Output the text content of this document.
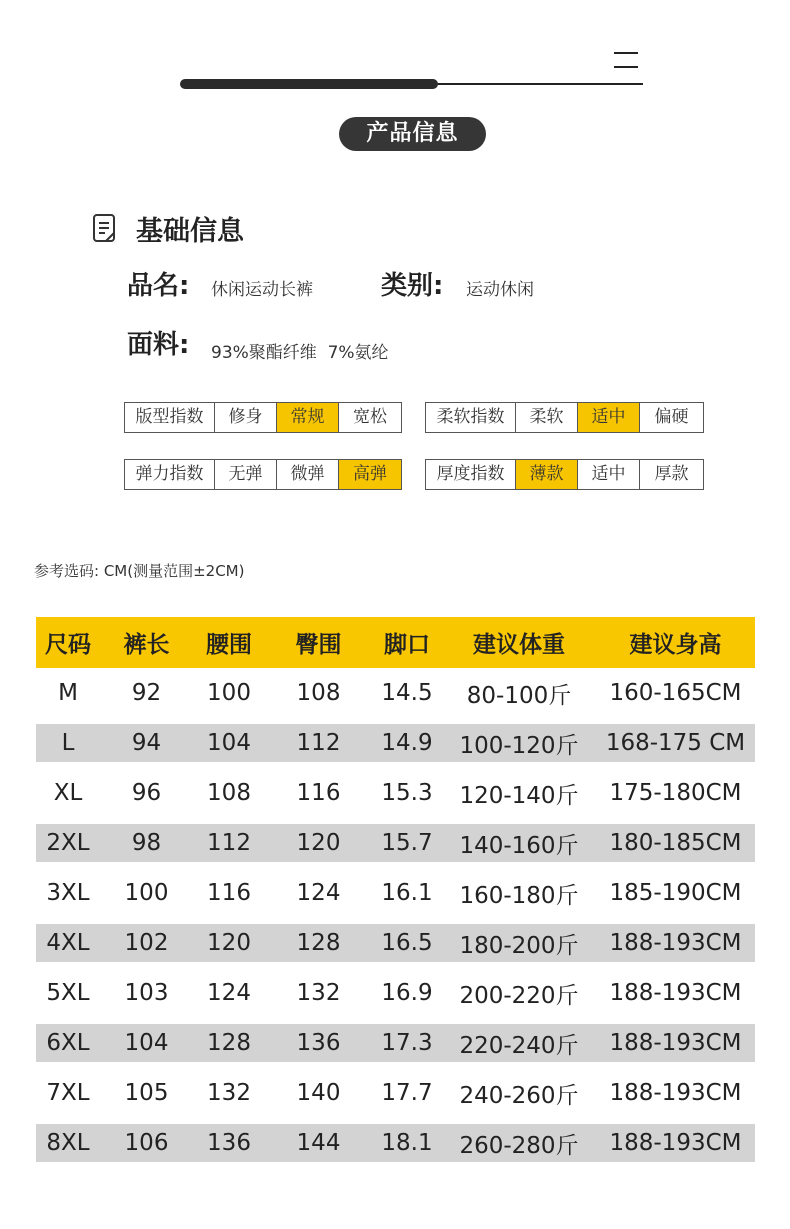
产品信息
基础信息
品名: 休闲运动长裤	类别: 运动休闲
面料: 93%聚酯纤维  7%氨纶
版型指数	修身	常规	宽松	柔软指数	柔软	适中	偏硬
弹力指数	无弹	微弹	高弹	厚度指数	薄款	适中	厚款
参考选码: CM(测量范围±2CM)
尺码	裤长	腰围	臀围	脚口	建议体重	建议身高
M	92	100	108	14.5	80-100斤	160-165CM
L	94	104	112	14.9	100-120斤	168-175 CM
XL	96	108	116	15.3	120-140斤	175-180CM
2XL	98	112	120	15.7	140-160斤	180-185CM
3XL	100	116	124	16.1	160-180斤	185-190CM
4XL	102	120	128	16.5	180-200斤	188-193CM
5XL	103	124	132	16.9	200-220斤	188-193CM
6XL	104	128	136	17.3	220-240斤	188-193CM
7XL	105	132	140	17.7	240-260斤	188-193CM
8XL	106	136	144	18.1	260-280斤	188-193CM
